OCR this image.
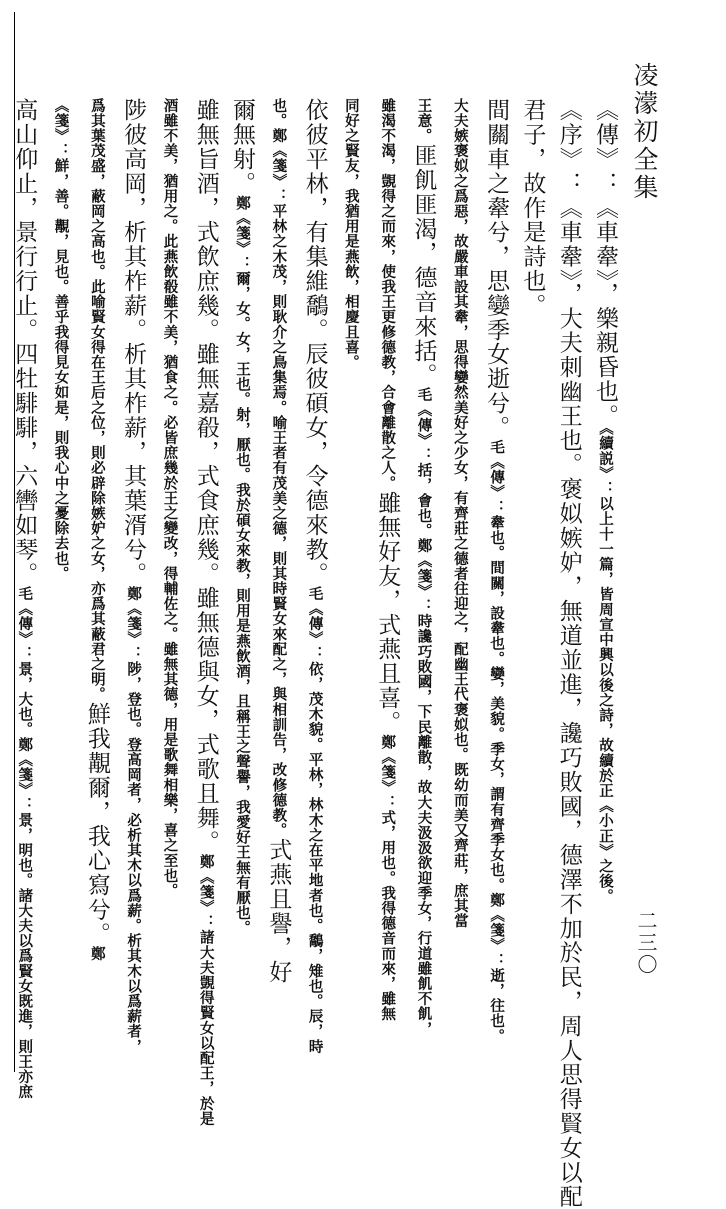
凌濛初全集
二三〇

《傳》：《車舝》，樂親昏也。《續説》：以上十一篇，皆周宣中興以後之詩，故續於正《小正》之後。

《序》：《車舝》，大夫刺幽王也。褒姒嫉妒，無道並進，讒巧敗國，德澤不加於民，周人思得賢女以配

君子，故作是詩也。

間關車之舝兮，思孌季女逝兮。毛《傳》：舝也。間關，設舝也。孌，美貌。季女，謂有齊季女也。鄭《箋》：逝，往也。

大夫嫉褒姒之爲惡，故嚴車設其舝，思得孌然美好之少女，有齊莊之德者往迎之，配幽王代褒姒也。既幼而美又齊莊，庶其當

王意。匪飢匪渴，德音來括。毛《傳》：括，會也。鄭《箋》：時讒巧敗國，下民離散，故大夫汲汲欲迎季女，行道雖飢不飢，

雖渴不渴，覬得之而來，使我王更修德教，合會離散之人。雖無好友，式燕且喜。鄭《箋》：式，用也。我得德音而來，雖無

同好之賢友，我猶用是燕飲，相慶且喜。

依彼平林，有集維鷮。辰彼碩女，令德來教。毛《傳》：依，茂木貌。平林，林木之在平地者也。鷮，雉也。辰，時

也。鄭《箋》：平林之木茂，則耿介之鳥集焉。喻王者有茂美之德，則其時賢女來配之，與相訓告，改修德教。式燕且譽，好

爾無射。鄭《箋》：爾，女。女，王也。射，厭也。我於碩女來教，則用是燕飲酒，且稱王之聲譽，我愛好王無有厭也。

雖無旨酒，式飲庶幾。雖無嘉殽，式食庶幾。雖無德與女，式歌且舞。鄭《箋》：諸大夫覬得賢女以配王，於是

酒雖不美，猶用之。此燕飲殽雖不美，猶食之。必皆庶幾於王之變改，得輔佐之。雖無其德，用是歌舞相樂，喜之至也。

陟彼高岡，析其柞薪。析其柞薪，其葉湑兮。鄭《箋》：陟，登也。登高岡者，必析其木以爲薪。析其木以爲薪者，

爲其葉茂盛，蔽岡之高也。此喻賢女得在王后之位，則必辟除嫉妒之女，亦爲其蔽君之明。鮮我覯爾，我心寫兮。鄭

《箋》：鮮，善。覯，見也。善乎我得見女如是，則我心中之憂除去也。

高山仰止，景行行止。四牡騑騑，六轡如琴。毛《傳》：景，大也。鄭《箋》：景，明也。諸大夫以爲賢女既進，則王亦庶
